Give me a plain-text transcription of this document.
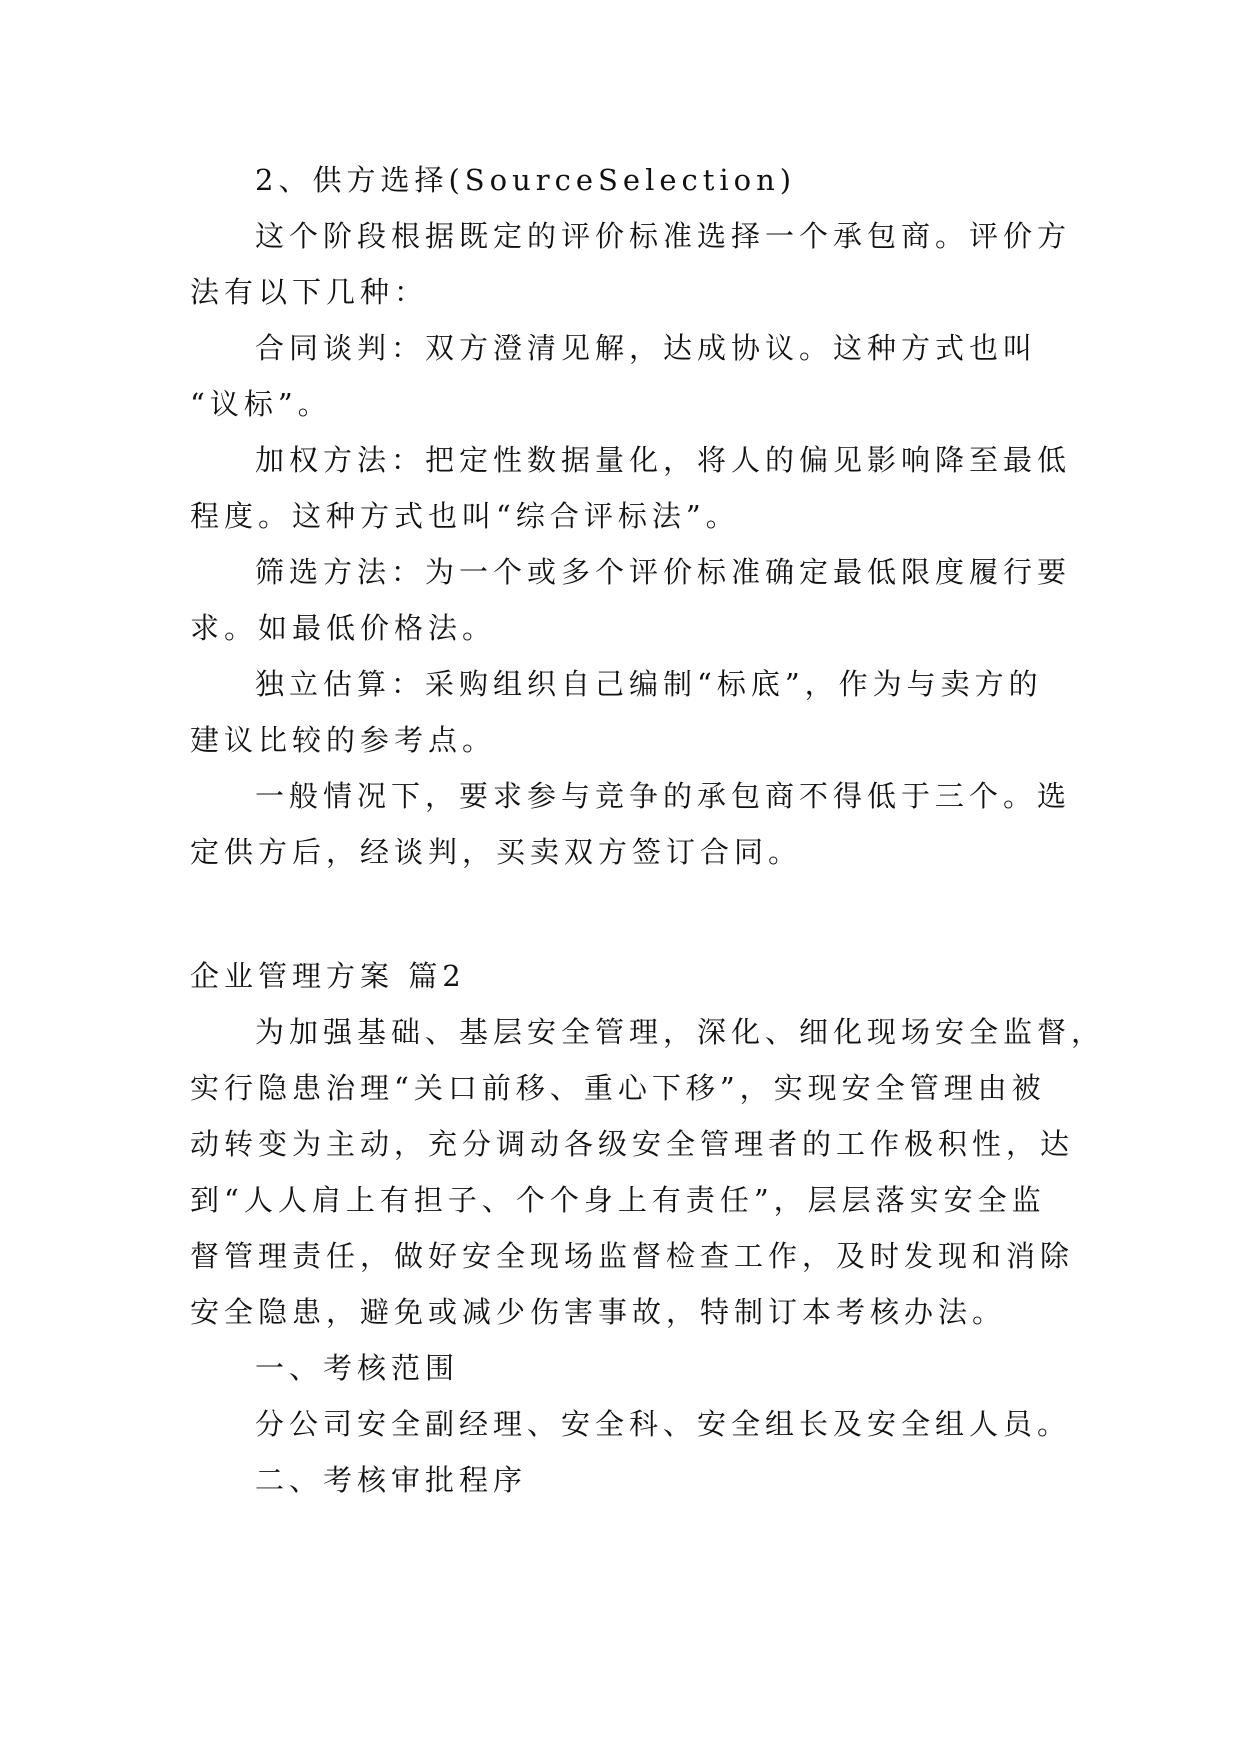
2、供方选择(SourceSelection)
这个阶段根据既定的评价标准选择一个承包商。评价方
法有以下几种：
合同谈判：双方澄清见解，达成协议。这种方式也叫
“议标”。
加权方法：把定性数据量化，将人的偏见影响降至最低
程度。这种方式也叫“综合评标法”。
筛选方法：为一个或多个评价标准确定最低限度履行要
求。如最低价格法。
独立估算：采购组织自己编制“标底”，作为与卖方的
建议比较的参考点。
一般情况下，要求参与竞争的承包商不得低于三个。选
定供方后，经谈判，买卖双方签订合同。
企业管理方案 篇2
为加强基础、基层安全管理，深化、细化现场安全监督，
实行隐患治理“关口前移、重心下移”，实现安全管理由被
动转变为主动，充分调动各级安全管理者的工作极积性，达
到“人人肩上有担子、个个身上有责任”，层层落实安全监
督管理责任，做好安全现场监督检查工作，及时发现和消除
安全隐患，避免或减少伤害事故，特制订本考核办法。
一、考核范围
分公司安全副经理、安全科、安全组长及安全组人员。
二、考核审批程序
